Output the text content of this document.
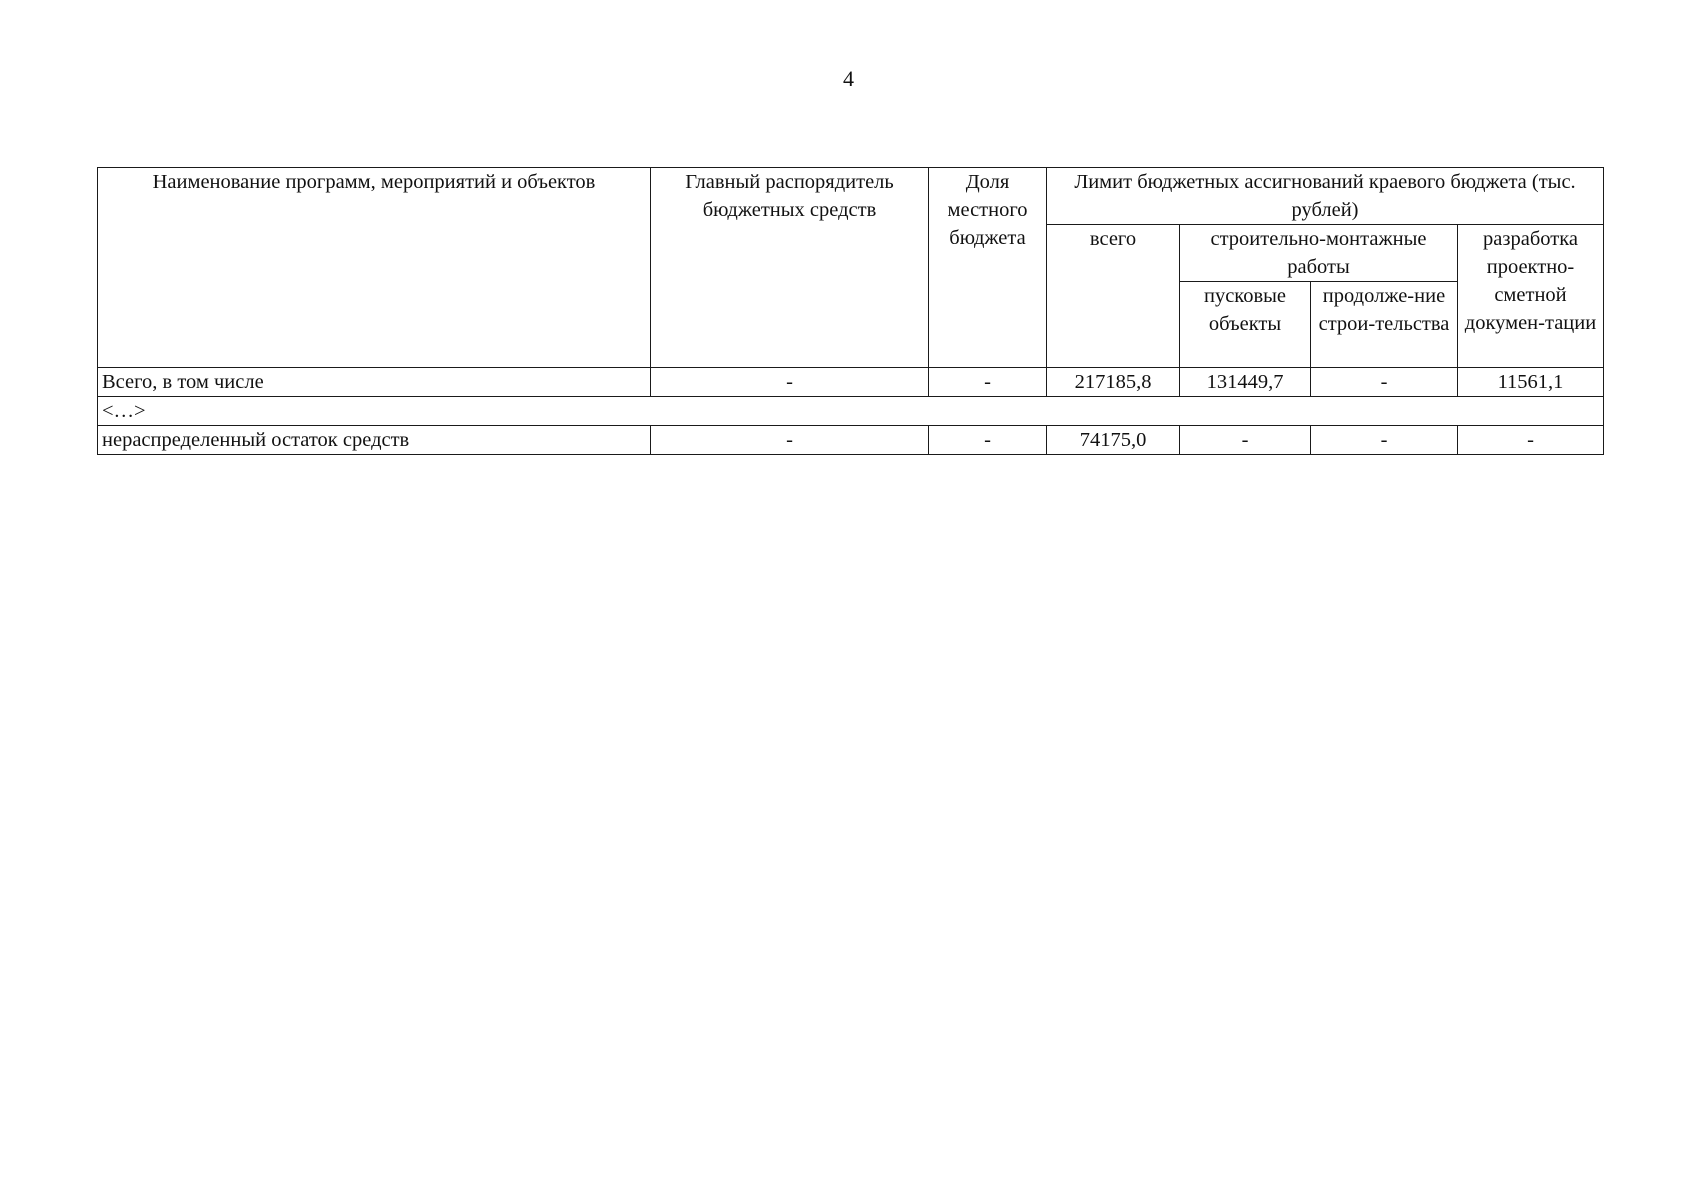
4
Наименование программ, мероприятий и объектов	Главный распорядитель бюджетных средств	Доля местного бюджета	Лимит бюджетных ассигнований краевого бюджета (тыс. рублей)			
			всего	строительно-монтажные работы		разработка проектно-сметной докумен-тации
				пусковые объекты	продолже-ние строи-тельства	
Всего, в том числе	-	-	217185,8	131449,7	-	11561,1
<…>						
нераспределенный остаток средств	-	-	74175,0	-	-	-
